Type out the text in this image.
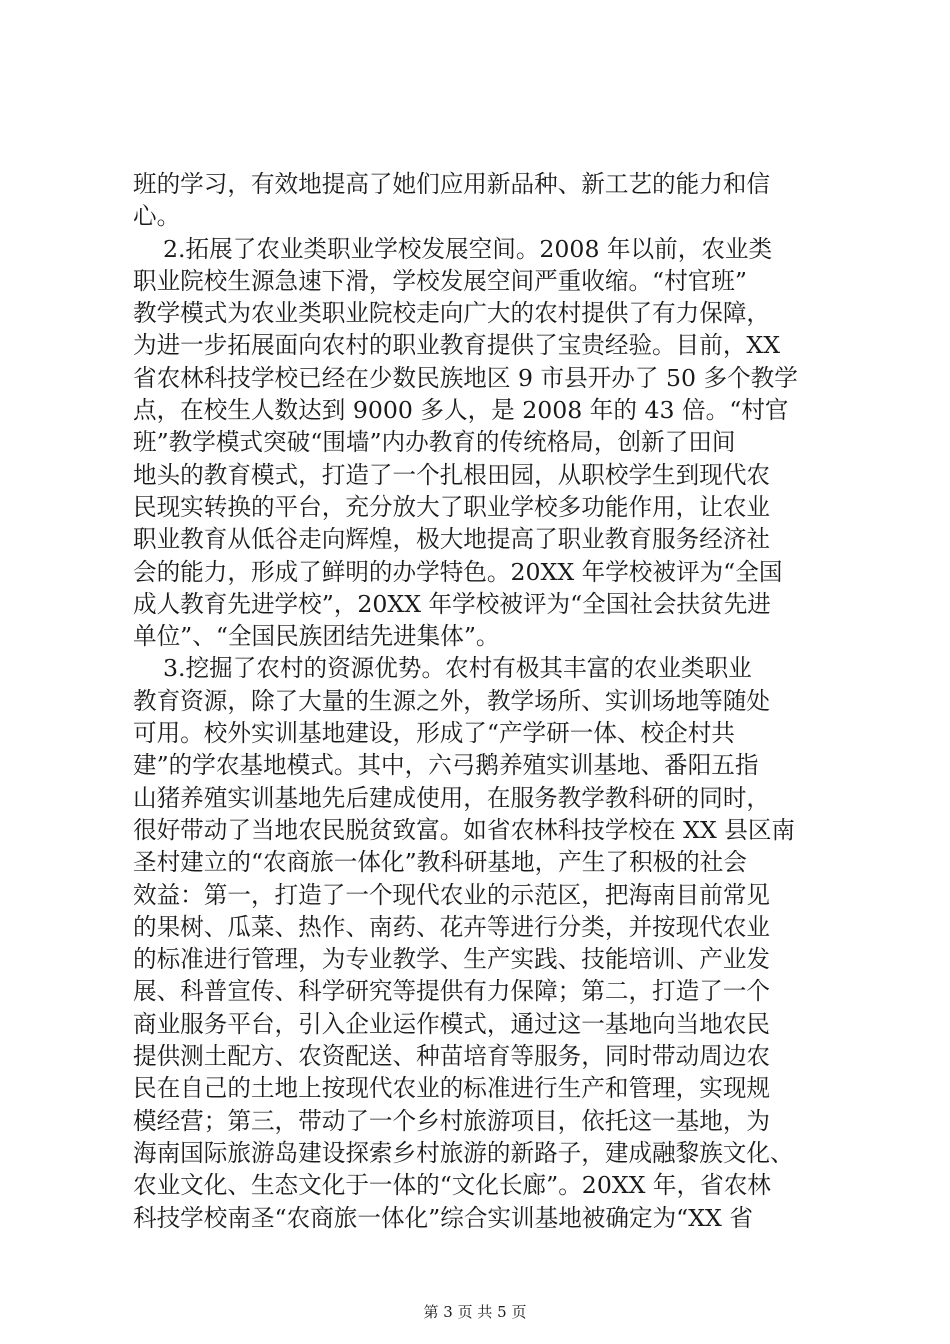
班的学习，有效地提高了她们应用新品种、新工艺的能力和信
心。
2.拓展了农业类职业学校发展空间。2008 年以前，农业类
职业院校生源急速下滑，学校发展空间严重收缩。“村官班”
教学模式为农业类职业院校走向广大的农村提供了有力保障，
为进一步拓展面向农村的职业教育提供了宝贵经验。目前，XX
省农林科技学校已经在少数民族地区 9 市县开办了 50 多个教学
点，在校生人数达到 9000 多人，是 2008 年的 43 倍。“村官
班”教学模式突破“围墙”内办教育的传统格局，创新了田间
地头的教育模式，打造了一个扎根田园，从职校学生到现代农
民现实转换的平台，充分放大了职业学校多功能作用，让农业
职业教育从低谷走向辉煌，极大地提高了职业教育服务经济社
会的能力，形成了鲜明的办学特色。20XX 年学校被评为“全国
成人教育先进学校”，20XX 年学校被评为“全国社会扶贫先进
单位”、“全国民族团结先进集体”。
3.挖掘了农村的资源优势。农村有极其丰富的农业类职业
教育资源，除了大量的生源之外，教学场所、实训场地等随处
可用。校外实训基地建设，形成了“产学研一体、校企村共
建”的学农基地模式。其中，六弓鹅养殖实训基地、番阳五指
山猪养殖实训基地先后建成使用，在服务教学教科研的同时，
很好带动了当地农民脱贫致富。如省农林科技学校在 XX 县区南
圣村建立的“农商旅一体化”教科研基地，产生了积极的社会
效益：第一，打造了一个现代农业的示范区，把海南目前常见
的果树、瓜菜、热作、南药、花卉等进行分类，并按现代农业
的标准进行管理，为专业教学、生产实践、技能培训、产业发
展、科普宣传、科学研究等提供有力保障；第二，打造了一个
商业服务平台，引入企业运作模式，通过这一基地向当地农民
提供测土配方、农资配送、种苗培育等服务，同时带动周边农
民在自己的土地上按现代农业的标准进行生产和管理，实现规
模经营；第三，带动了一个乡村旅游项目，依托这一基地，为
海南国际旅游岛建设探索乡村旅游的新路子，建成融黎族文化、
农业文化、生态文化于一体的“文化长廊”。20XX 年，省农林
科技学校南圣“农商旅一体化”综合实训基地被确定为“XX 省
第 3 页 共 5 页
